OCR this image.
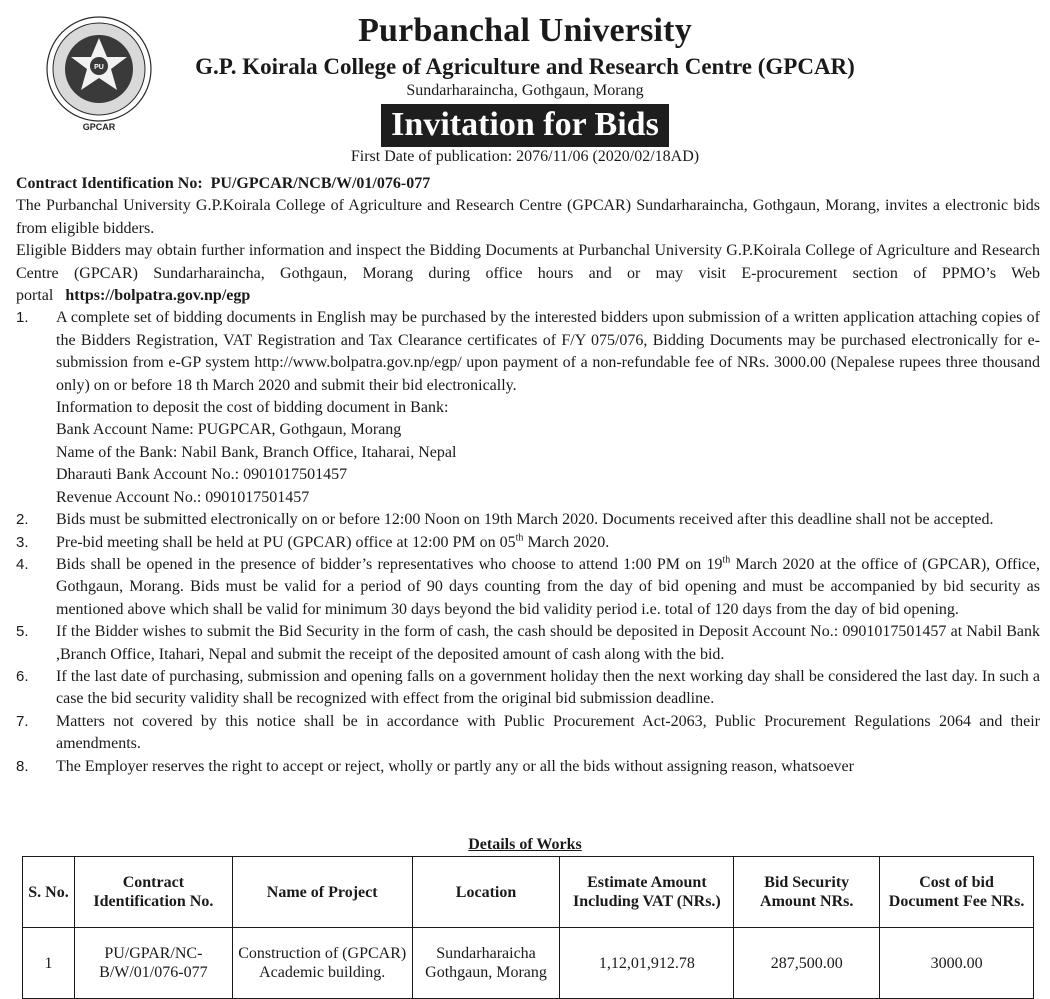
PU
GPCAR
Purbanchal University
G.P. Koirala College of Agriculture and Research Centre (GPCAR)
Sundarharaincha, Gothgaun, Morang
Invitation for Bids
First Date of publication: 2076/11/06 (2020/02/18AD)

Contract Identification No: PU/GPCAR/NCB/W/01/076-077

The Purbanchal University G.P.Koirala College of Agriculture and Research Centre (GPCAR) Sundarharaincha, Gothgaun, Morang, invites a electronic bids from eligible bidders.

Eligible Bidders may obtain further information and inspect the Bidding Documents at Purbanchal University G.P.Koirala College of Agriculture and Research Centre (GPCAR) Sundarharaincha, Gothgaun, Morang during office hours and or may visit E-procurement section of PPMO’s Web portal https://bolpatra.gov.np/egp

1. A complete set of bidding documents in English may be purchased by the interested bidders upon submission of a written application attaching copies of the Bidders Registration, VAT Registration and Tax Clearance certificates of F/Y 075/076, Bidding Documents may be purchased electronically for e-submission from e-GP system http://www.bolpatra.gov.np/egp/ upon payment of a non-refundable fee of NRs. 3000.00 (Nepalese rupees three thousand only) on or before 18 th March 2020 and submit their bid electronically.
Information to deposit the cost of bidding document in Bank:
Bank Account Name: PUGPCAR, Gothgaun, Morang
Name of the Bank: Nabil Bank, Branch Office, Itaharai, Nepal
Dharauti Bank Account No.: 0901017501457
Revenue Account No.: 0901017501457
2. Bids must be submitted electronically on or before 12:00 Noon on 19th March 2020. Documents received after this deadline shall not be accepted.
3. Pre-bid meeting shall be held at PU (GPCAR) office at 12:00 PM on 05th March 2020.
4. Bids shall be opened in the presence of bidder’s representatives who choose to attend 1:00 PM on 19th March 2020 at the office of (GPCAR), Office, Gothgaun, Morang. Bids must be valid for a period of 90 days counting from the day of bid opening and must be accompanied by bid security as mentioned above which shall be valid for minimum 30 days beyond the bid validity period i.e. total of 120 days from the day of bid opening.
5. If the Bidder wishes to submit the Bid Security in the form of cash, the cash should be deposited in Deposit Account No.: 0901017501457 at Nabil Bank ,Branch Office, Itahari, Nepal and submit the receipt of the deposited amount of cash along with the bid.
6. If the last date of purchasing, submission and opening falls on a government holiday then the next working day shall be considered the last day. In such a case the bid security validity shall be recognized with effect from the original bid submission deadline.
7. Matters not covered by this notice shall be in accordance with Public Procurement Act-2063, Public Procurement Regulations 2064 and their amendments.
8. The Employer reserves the right to accept or reject, wholly or partly any or all the bids without assigning reason, whatsoever
Details of Works
S. No.	Contract Identification No.	Name of Project	Location	Estimate Amount Including VAT (NRs.)	Bid Security Amount NRs.	Cost of bid Document Fee NRs.
1	PU/GPAR/NC-B/W/01/076-077	Construction of (GPCAR) Academic building.	Sundarharaicha Gothgaun, Morang	1,12,01,912.78	287,500.00	3000.00
